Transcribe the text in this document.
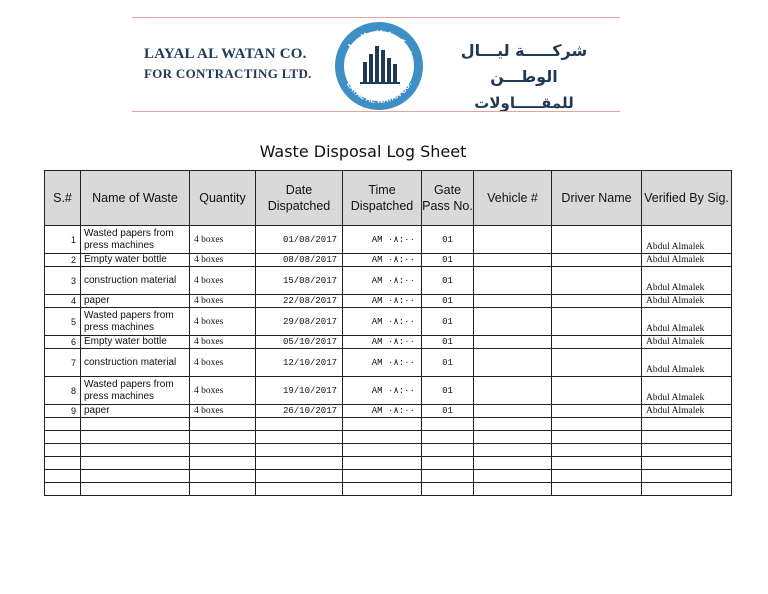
LAYAL AL WATAN CO.
FOR CONTRACTING LTD.
شركة ليال الوطن
LAYAL AL WATAN CO.
شركـــــة ليـــال الوطـــن
للمقـــــاولات
Waste Disposal Log Sheet
S.#	Name of Waste	Quantity	Date Dispatched	Time Dispatched	Gate Pass No.	Vehicle #	Driver Name	Verified By Sig.
1	Wasted papers from press machines	4 boxes	01/08/2017	AM ٠٨:٠٠	01			Abdul Almalek
2	Empty water bottle	4 boxes	08/08/2017	AM ٠٨:٠٠	01			Abdul Almalek
3	construction material	4 boxes	15/08/2017	AM ٠٨:٠٠	01			Abdul Almalek
4	paper	4 boxes	22/08/2017	AM ٠٨:٠٠	01			Abdul Almalek
5	Wasted papers from press machines	4 boxes	29/08/2017	AM ٠٨:٠٠	01			Abdul Almalek
6	Empty water bottle	4 boxes	05/10/2017	AM ٠٨:٠٠	01			Abdul Almalek
7	construction material	4 boxes	12/10/2017	AM ٠٨:٠٠	01			Abdul Almalek
8	Wasted papers from press machines	4 boxes	19/10/2017	AM ٠٨:٠٠	01			Abdul Almalek
9	paper	4 boxes	26/10/2017	AM ٠٨:٠٠	01			Abdul Almalek
